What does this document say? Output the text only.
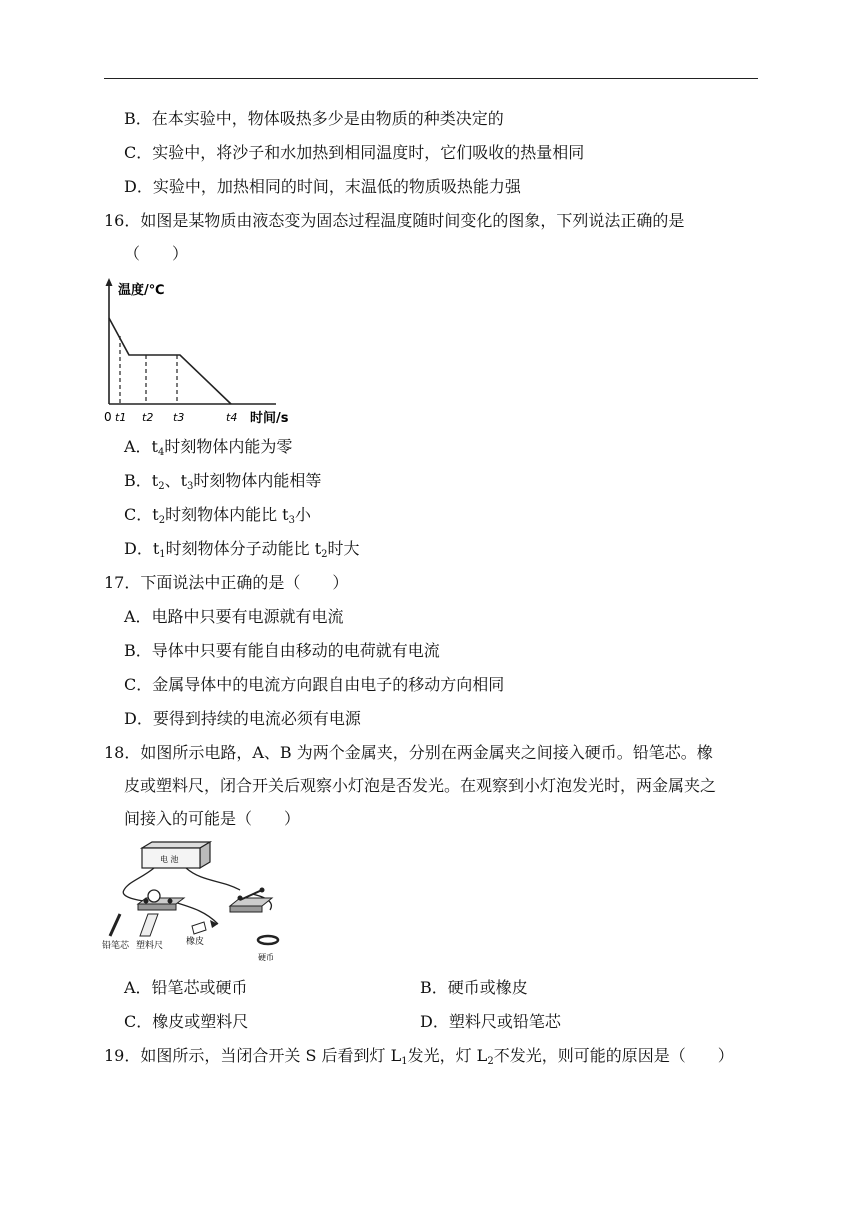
B．在本实验中，物体吸热多少是由物质的种类决定的
C．实验中，将沙子和水加热到相同温度时，它们吸收的热量相同
D．实验中，加热相同的时间，末温低的物质吸热能力强
16．如图是某物质由液态变为固态过程温度随时间变化的图象，下列说法正确的是
（　　）
温度/℃
0 t1 t2 t3	t4 时间/s
A．$t_4$时刻物体内能为零
B．$t_2$、$t_3$时刻物体内能相等
C．$t_2$时刻物体内能比 $t_3$小
D．$t_1$时刻物体分子动能比 $t_2$时大
17．下面说法中正确的是（　　）
A．电路中只要有电源就有电流
B．导体中只要有能自由移动的电荷就有电流
C．金属导体中的电流方向跟自由电子的移动方向相同
D．要得到持续的电流必须有电源
18．如图所示电路，A、B 为两个金属夹，分别在两金属夹之间接入硬币。铅笔芯。橡
皮或塑料尺，闭合开关后观察小灯泡是否发光。在观察到小灯泡发光时，两金属夹之
间接入的可能是（　　）
电 池
铅笔芯 塑料尺	橡皮
硬币
A．铅笔芯或硬币	B．硬币或橡皮
C．橡皮或塑料尺	D．塑料尺或铅笔芯
19．如图所示，当闭合开关 S 后看到灯 $L_1$发光，灯 $L_2$不发光，则可能的原因是（　　）
